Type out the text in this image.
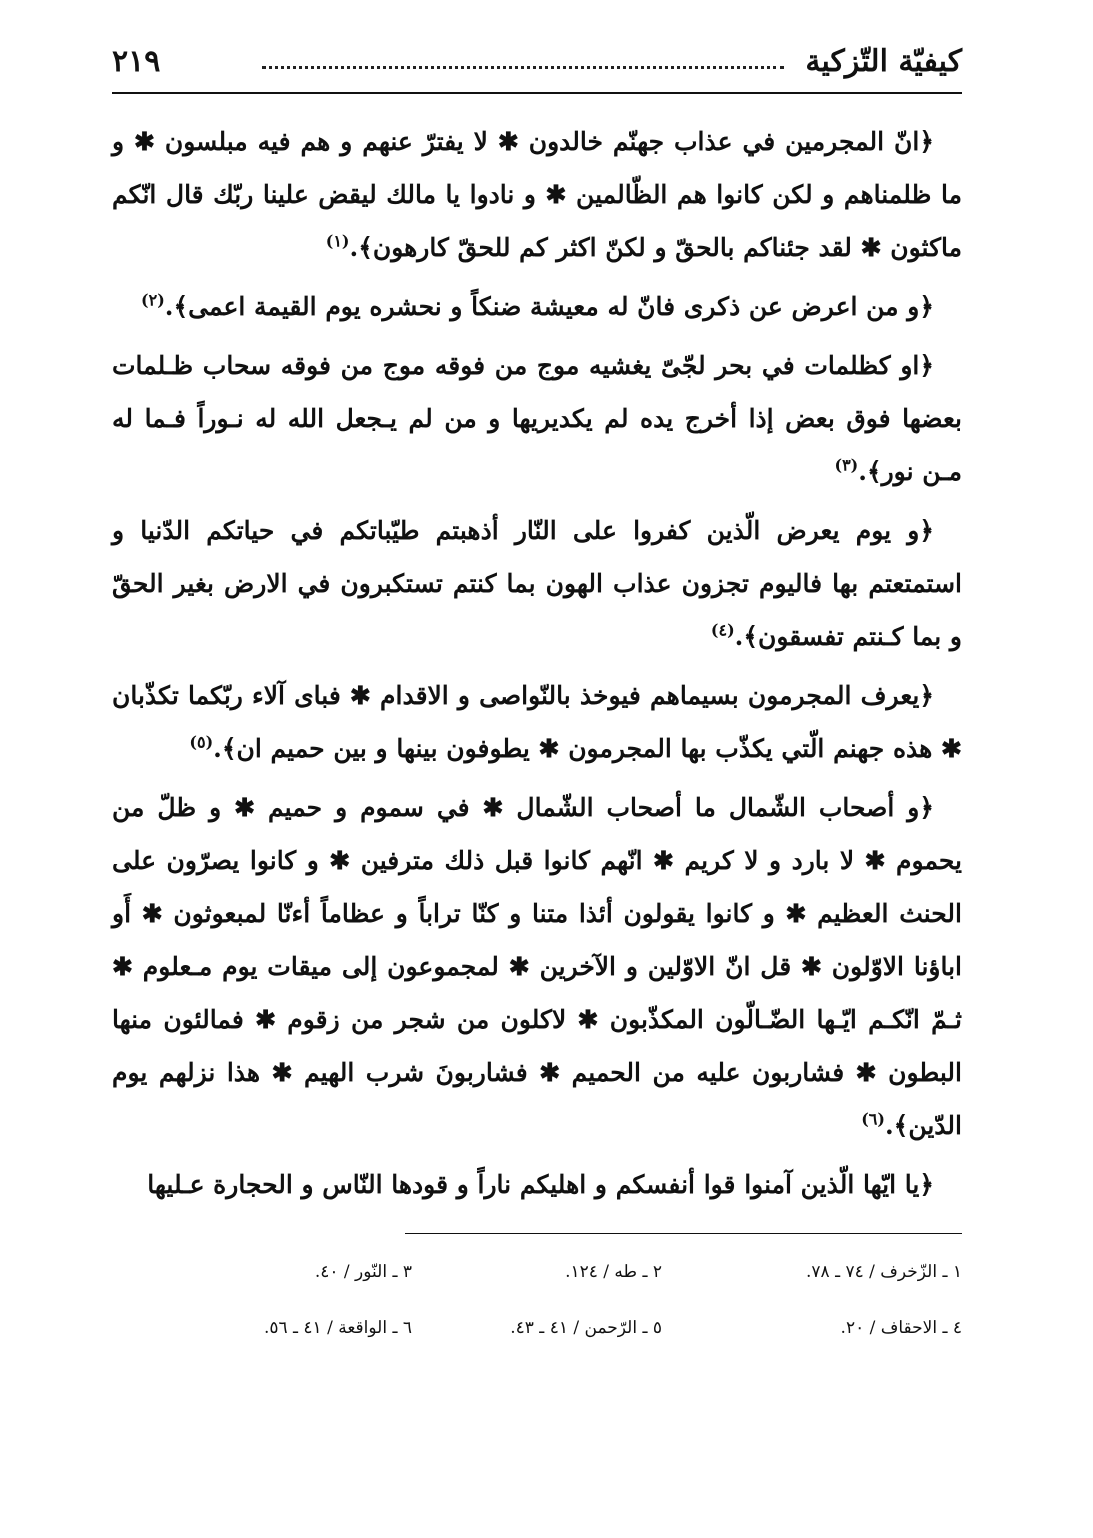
كيفيّة التّزكية
٢١٩

﴿انّ المجرمين في عذاب جهنّم خالدون ✱ لا يفترّ عنهم و هم فيه مبلسون ✱ و ما ظلمناهم و لكن كانوا هم الظّالمين ✱ و نادوا يا مالك ليقض علينا ربّك قال انّكم ماكثون ✱ لقد جئناكم بالحقّ و لكنّ اكثر كم للحقّ كارهون﴾.$^{(١)}$

﴿و من اعرض عن ذكرى فانّ له معيشة ضنكاً و نحشره يوم القيمة اعمى﴾.$^{(٢)}$

﴿او كظلمات في بحر لجّىّ يغشيه موج من فوقه موج من فوقه سحاب ظـلمات بعضها فوق بعض إذا أخرج يده لم يكديريها و من لم يـجعل الله له نـوراً فـما له مـن نور﴾.$^{(٣)}$

﴿و يوم يعرض الّذين كفروا على النّار أذهبتم طيّباتكم في حياتكم الدّنيا و استمتعتم بها فاليوم تجزون عذاب الهون بما كنتم تستكبرون في الارض بغير الحقّ و بما كـنتم تفسقون﴾.$^{(٤)}$

﴿يعرف المجرمون بسيماهم فيوخذ بالنّواصى و الاقدام ✱ فباى آلاء ربّكما تكذّبان ✱ هذه جهنم الّتي يكذّب بها المجرمون ✱ يطوفون بينها و بين حميم ان﴾.$^{(٥)}$

﴿و أصحاب الشّمال ما أصحاب الشّمال ✱ في سموم و حميم ✱ و ظلّ من يحموم ✱ لا بارد و لا كريم ✱ انّهم كانوا قبل ذلك مترفين ✱ و كانوا يصرّون على الحنث العظيم ✱ و كانوا يقولون أئذا متنا و كنّا تراباً و عظاماً أءنّا لمبعوثون ✱ أَو اباؤنا الاوّلون ✱ قل انّ الاوّلين و الآخرين ✱ لمجموعون إلى ميقات يوم مـعلوم ✱ ثـمّ انّكـم ايّـها الضّـالّون المكذّبون ✱ لاكلون من شجر من زقوم ✱ فمالئون منها البطون ✱ فشاربون عليه من الحميم ✱ فشاربونَ شرب الهيم ✱ هذا نزلهم يوم الدّين﴾.$^{(٦)}$

﴿يا ايّها الّذين آمنوا قوا أنفسكم و اهليكم ناراً و قودها النّاس و الحجارة عـليها

١ ـ الزّخرف / ٧٤ ـ ٧٨.
٢ ـ طه / ١٢٤.
٣ ـ النّور / ٤٠.
٤ ـ الاحقاف / ٢٠.
٥ ـ الرّحمن / ٤١ ـ ٤٣.
٦ ـ الواقعة / ٤١ ـ ٥٦.
